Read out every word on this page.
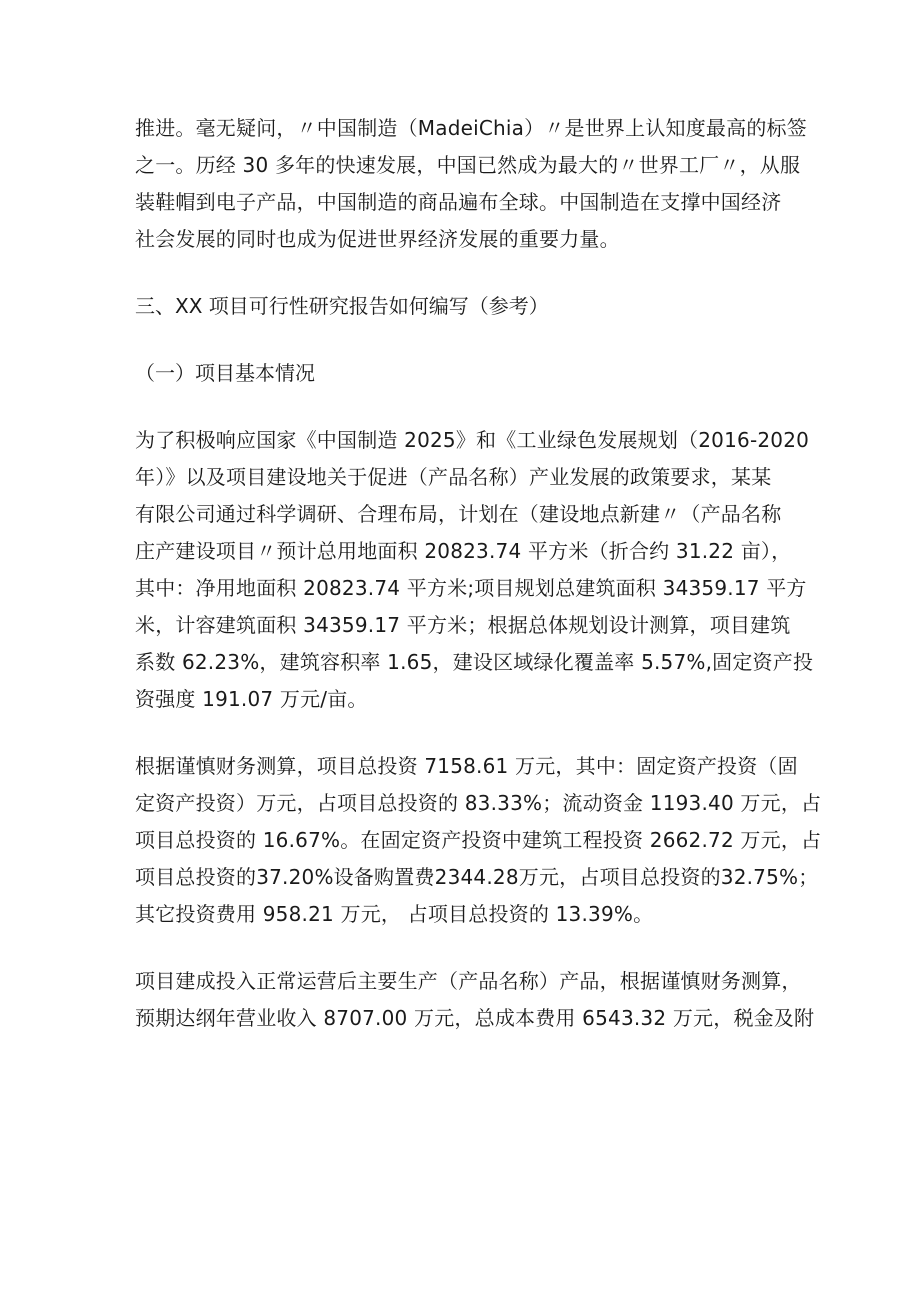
推进。毫无疑问，〃中国制造（MadeiChia）〃是世界上认知度最高的标签
之一。历经 30 多年的快速发展，中国已然成为最大的〃世界工厂〃，从服
装鞋帽到电子产品，中国制造的商品遍布全球。中国制造在支撑中国经济
社会发展的同时也成为促进世界经济发展的重要力量。

三、XX 项目可行性研究报告如何编写（参考）

（一）项目基本情况

为了积极响应国家《中国制造 2025》和《工业绿色发展规划（2016-2020
年）》以及项目建设地关于促进（产品名称）产业发展的政策要求，某某
有限公司通过科学调研、合理布局，计划在（建设地点新建〃（产品名称
庄产建设项目〃预计总用地面积 20823.74 平方米（折合约 31.22 亩），
其中：净用地面积 20823.74 平方米;项目规划总建筑面积 34359.17 平方
米，计容建筑面积 34359.17 平方米；根据总体规划设计测算，项目建筑
系数 62.23%，建筑容积率 1.65，建设区域绿化覆盖率 5.57%,固定资产投
资强度 191.07 万元/亩。

根据谨慎财务测算，项目总投资 7158.61 万元，其中：固定资产投资（固
定资产投资）万元，占项目总投资的 83.33%；流动资金 1193.40 万元，占
项目总投资的 16.67%。在固定资产投资中建筑工程投资 2662.72 万元，占
项目总投资的37.20%设备购置费2344.28万元，占项目总投资的32.75%；
其它投资费用 958.21 万元， 占项目总投资的 13.39%。

项目建成投入正常运营后主要生产（产品名称）产品，根据谨慎财务测算，
预期达纲年营业收入 8707.00 万元，总成本费用 6543.32 万元，税金及附
